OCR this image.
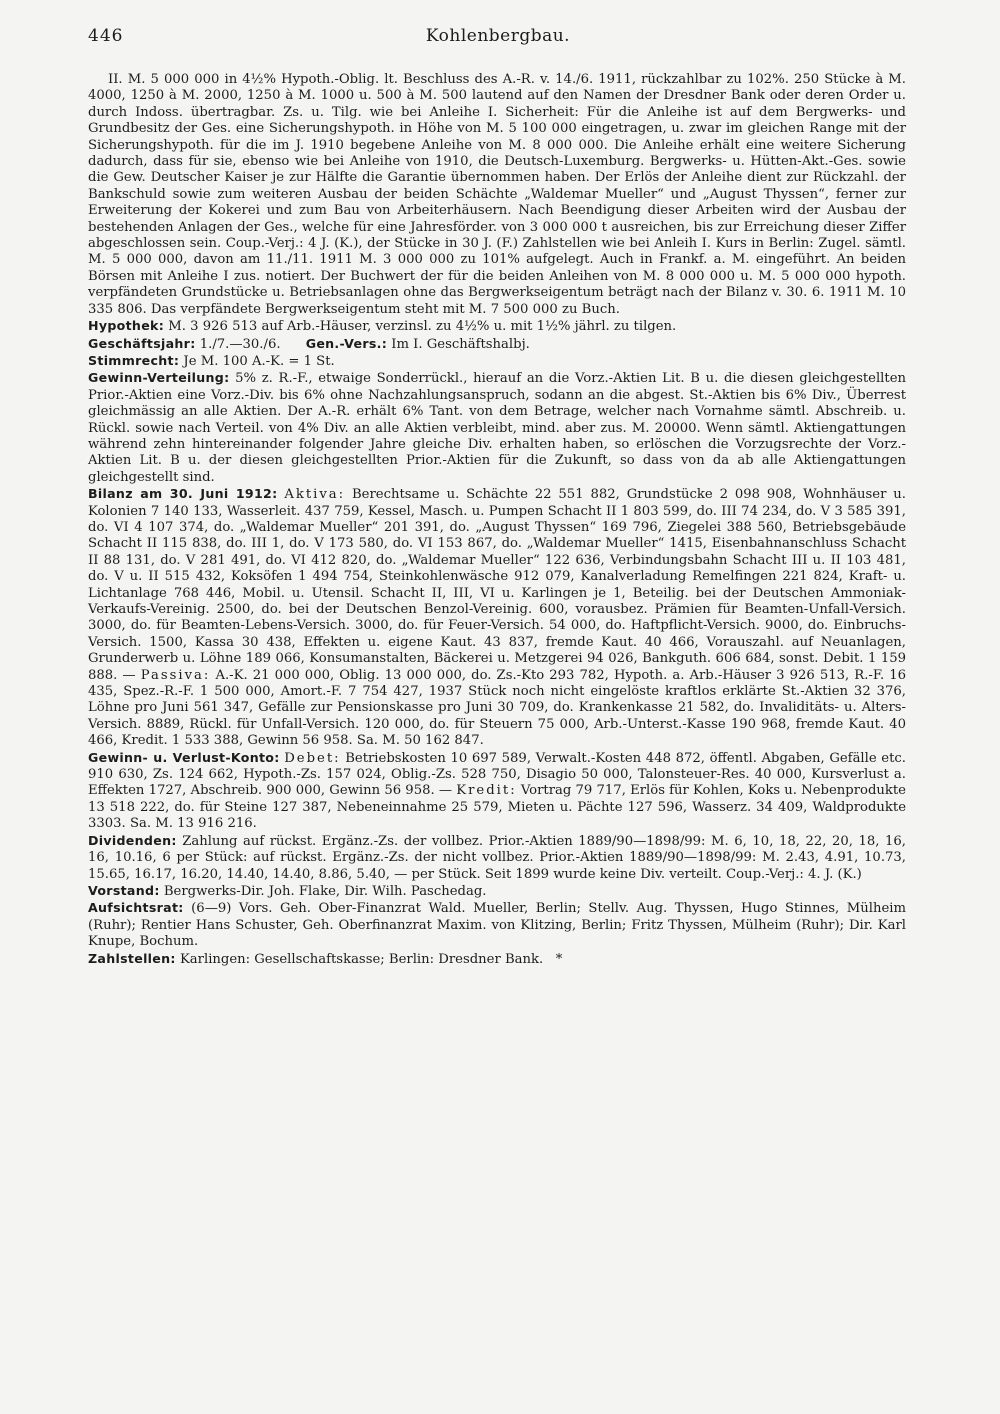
446	Kohlenbergbau.

II. M. 5 000 000 in 4½% Hypoth.-Oblig. lt. Beschluss des A.-R. v. 14./6. 1911, rückzahlbar zu 102%. 250 Stücke à M. 4000, 1250 à M. 2000, 1250 à M. 1000 u. 500 à M. 500 lautend auf den Namen der Dresdner Bank oder deren Order u. durch Indoss. übertragbar. Zs. u. Tilg. wie bei Anleihe I. Sicherheit: Für die Anleihe ist auf dem Bergwerks- und Grundbesitz der Ges. eine Sicherungshypoth. in Höhe von M. 5 100 000 eingetragen, u. zwar im gleichen Range mit der Sicherungshypoth. für die im J. 1910 begebene Anleihe von M. 8 000 000. Die Anleihe erhält eine weitere Sicherung dadurch, dass für sie, ebenso wie bei Anleihe von 1910, die Deutsch-Luxemburg. Bergwerks- u. Hütten-Akt.-Ges. sowie die Gew. Deutscher Kaiser je zur Hälfte die Garantie übernommen haben. Der Erlös der Anleihe dient zur Rückzahl. der Bankschuld sowie zum weiteren Ausbau der beiden Schächte „Waldemar Mueller“ und „August Thyssen“, ferner zur Erweiterung der Kokerei und zum Bau von Arbeiterhäusern. Nach Beendigung dieser Arbeiten wird der Ausbau der bestehenden Anlagen der Ges., welche für eine Jahresförder. von 3 000 000 t ausreichen, bis zur Erreichung dieser Ziffer abgeschlossen sein. Coup.-Verj.: 4 J. (K.), der Stücke in 30 J. (F.) Zahlstellen wie bei Anleih I. Kurs in Berlin: Zugel. sämtl. M. 5 000 000, davon am 11./11. 1911 M. 3 000 000 zu 101% aufgelegt. Auch in Frankf. a. M. eingeführt. An beiden Börsen mit Anleihe I zus. notiert. Der Buchwert der für die beiden Anleihen von M. 8 000 000 u. M. 5 000 000 hypoth. verpfändeten Grundstücke u. Betriebsanlagen ohne das Bergwerkseigentum beträgt nach der Bilanz v. 30. 6. 1911 M. 10 335 806. Das verpfändete Bergwerkseigentum steht mit M. 7 500 000 zu Buch.

Hypothek: M. 3 926 513 auf Arb.-Häuser, verzinsl. zu 4½% u. mit 1½% jährl. zu tilgen.

Geschäftsjahr: 1./7.—30./6. Gen.-Vers.: Im I. Geschäftshalbj.

Stimmrecht: Je M. 100 A.-K. = 1 St.

Gewinn-Verteilung: 5% z. R.-F., etwaige Sonderrückl., hierauf an die Vorz.-Aktien Lit. B u. die diesen gleichgestellten Prior.-Aktien eine Vorz.-Div. bis 6% ohne Nachzahlungsanspruch, sodann an die abgest. St.-Aktien bis 6% Div., Überrest gleichmässig an alle Aktien. Der A.-R. erhält 6% Tant. von dem Betrage, welcher nach Vornahme sämtl. Abschreib. u. Rückl. sowie nach Verteil. von 4% Div. an alle Aktien verbleibt, mind. aber zus. M. 20000. Wenn sämtl. Aktiengattungen während zehn hintereinander folgender Jahre gleiche Div. erhalten haben, so erlöschen die Vorzugsrechte der Vorz.-Aktien Lit. B u. der diesen gleichgestellten Prior.-Aktien für die Zukunft, so dass von da ab alle Aktiengattungen gleichgestellt sind.

Bilanz am 30. Juni 1912: Aktiva: Berechtsame u. Schächte 22 551 882, Grundstücke 2 098 908, Wohnhäuser u. Kolonien 7 140 133, Wasserleit. 437 759, Kessel, Masch. u. Pumpen Schacht II 1 803 599, do. III 74 234, do. V 3 585 391, do. VI 4 107 374, do. „Waldemar Mueller“ 201 391, do. „August Thyssen“ 169 796, Ziegelei 388 560, Betriebsgebäude Schacht II 115 838, do. III 1, do. V 173 580, do. VI 153 867, do. „Waldemar Mueller“ 1415, Eisenbahnanschluss Schacht II 88 131, do. V 281 491, do. VI 412 820, do. „Waldemar Mueller“ 122 636, Verbindungsbahn Schacht III u. II 103 481, do. V u. II 515 432, Koksöfen 1 494 754, Steinkohlenwäsche 912 079, Kanalverladung Remelfingen 221 824, Kraft- u. Lichtanlage 768 446, Mobil. u. Utensil. Schacht II, III, VI u. Karlingen je 1, Beteilig. bei der Deutschen Ammoniak-Verkaufs-Vereinig. 2500, do. bei der Deutschen Benzol-Vereinig. 600, vorausbez. Prämien für Beamten-Unfall-Versich. 3000, do. für Beamten-Lebens-Versich. 3000, do. für Feuer-Versich. 54 000, do. Haftpflicht-Versich. 9000, do. Einbruchs-Versich. 1500, Kassa 30 438, Effekten u. eigene Kaut. 43 837, fremde Kaut. 40 466, Vorauszahl. auf Neuanlagen, Grunderwerb u. Löhne 189 066, Konsumanstalten, Bäckerei u. Metzgerei 94 026, Bankguth. 606 684, sonst. Debit. 1 159 888. — Passiva: A.-K. 21 000 000, Oblig. 13 000 000, do. Zs.-Kto 293 782, Hypoth. a. Arb.-Häuser 3 926 513, R.-F. 16 435, Spez.-R.-F. 1 500 000, Amort.-F. 7 754 427, 1937 Stück noch nicht eingelöste kraftlos erklärte St.-Aktien 32 376, Löhne pro Juni 561 347, Gefälle zur Pensionskasse pro Juni 30 709, do. Krankenkasse 21 582, do. Invaliditäts- u. Alters-Versich. 8889, Rückl. für Unfall-Versich. 120 000, do. für Steuern 75 000, Arb.-Unterst.-Kasse 190 968, fremde Kaut. 40 466, Kredit. 1 533 388, Gewinn 56 958. Sa. M. 50 162 847.

Gewinn- u. Verlust-Konto: Debet: Betriebskosten 10 697 589, Verwalt.-Kosten 448 872, öffentl. Abgaben, Gefälle etc. 910 630, Zs. 124 662, Hypoth.-Zs. 157 024, Oblig.-Zs. 528 750, Disagio 50 000, Talonsteuer-Res. 40 000, Kursverlust a. Effekten 1727, Abschreib. 900 000, Gewinn 56 958. — Kredit: Vortrag 79 717, Erlös für Kohlen, Koks u. Nebenprodukte 13 518 222, do. für Steine 127 387, Nebeneinnahme 25 579, Mieten u. Pächte 127 596, Wasserz. 34 409, Waldprodukte 3303. Sa. M. 13 916 216.

Dividenden: Zahlung auf rückst. Ergänz.-Zs. der vollbez. Prior.-Aktien 1889/90—1898/99: M. 6, 10, 18, 22, 20, 18, 16, 16, 10.16, 6 per Stück: auf rückst. Ergänz.-Zs. der nicht vollbez. Prior.-Aktien 1889/90—1898/99: M. 2.43, 4.91, 10.73, 15.65, 16.17, 16.20, 14.40, 14.40, 8.86, 5.40, — per Stück. Seit 1899 wurde keine Div. verteilt. Coup.-Verj.: 4. J. (K.)

Vorstand: Bergwerks-Dir. Joh. Flake, Dir. Wilh. Paschedag.

Aufsichtsrat: (6—9) Vors. Geh. Ober-Finanzrat Wald. Mueller, Berlin; Stellv. Aug. Thyssen, Hugo Stinnes, Mülheim (Ruhr); Rentier Hans Schuster, Geh. Oberfinanzrat Maxim. von Klitzing, Berlin; Fritz Thyssen, Mülheim (Ruhr); Dir. Karl Knupe, Bochum.

Zahlstellen: Karlingen: Gesellschaftskasse; Berlin: Dresdner Bank. *
